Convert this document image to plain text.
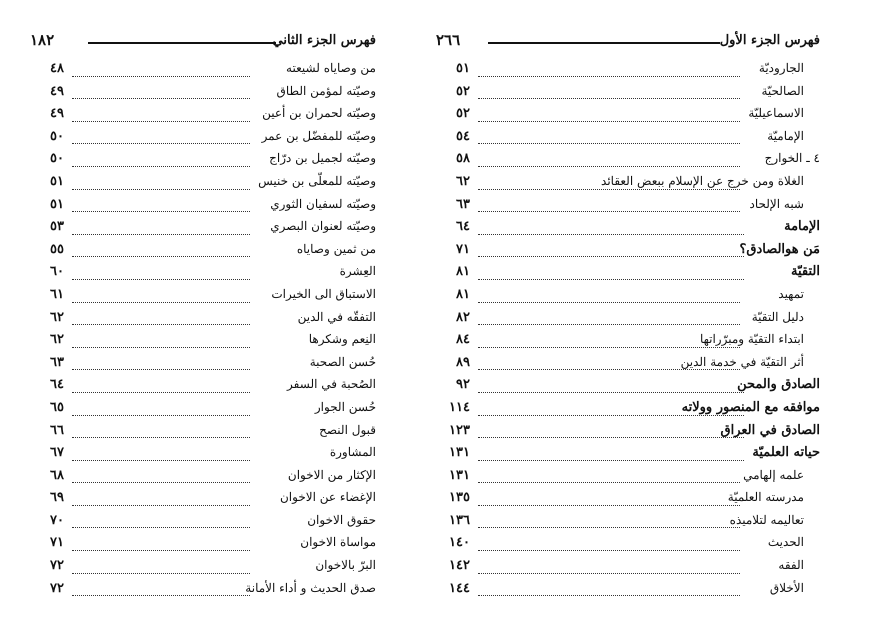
فهرس الجزء الأول
٢٦٦
الجاروديّة
٥١
الصالحيّة
٥٢
الاسماعيليّة
٥٢
الإماميّة
٥٤
٤ ـ الخوارج
٥٨
الغلاة ومن خرج عن الإسلام ببعض العقائد
٦٢
شبه الإلحاد
٦٣
الإمامة
٦٤
مَن هوالصادق؟
٧١
التقيّة
٨١
تمهيد
٨١
دليل التقيّة
٨٢
ابتداء التقيّة ومبرّراتها
٨٤
أثر التقيّة في خدمة الدين
٨٩
الصادق والمحن
٩٢
موافقه مع المنصور وولاته
١١٤
الصادق في العراق
١٢٣
حياته العلميّة
١٣١
علمه إلهامي
١٣١
مدرسته العلميّة
١٣٥
تعاليمه لتلاميذه
١٣٦
الحديث
١٤٠
الفقه
١٤٢
الأخلاق
١٤٤
فهرس الجزء الثاني
١٨٢
من وصاياه لشيعته
٤٨
وصيّته لمؤمن الطاق
٤٩
وصيّته لحمران بن أعين
٤٩
وصيّته للمفضّل بن عمر
٥٠
وصيّته لجميل بن درّاج
٥٠
وصيّته للمعلّى بن خنيس
٥١
وصيّته لسفيان الثوري
٥١
وصيّته لعنوان البصري
٥٣
من ثمين وصاياه
٥٥
العِشرة
٦٠
الاستباق الى الخيرات
٦١
التفقّه في الدين
٦٢
النِعم وشكرها
٦٢
حُسن الصحبة
٦٣
الصُحبة في السفر
٦٤
حُسن الجوار
٦٥
قبول النصح
٦٦
المشاورة
٦٧
الإكثار من الاخوان
٦٨
الإغضاء عن الاخوان
٦٩
حقوق الاخوان
٧٠
مواساة الاخوان
٧١
البرّ بالاخوان
٧٢
صدق الحديث و أداء الأمانة
٧٢
